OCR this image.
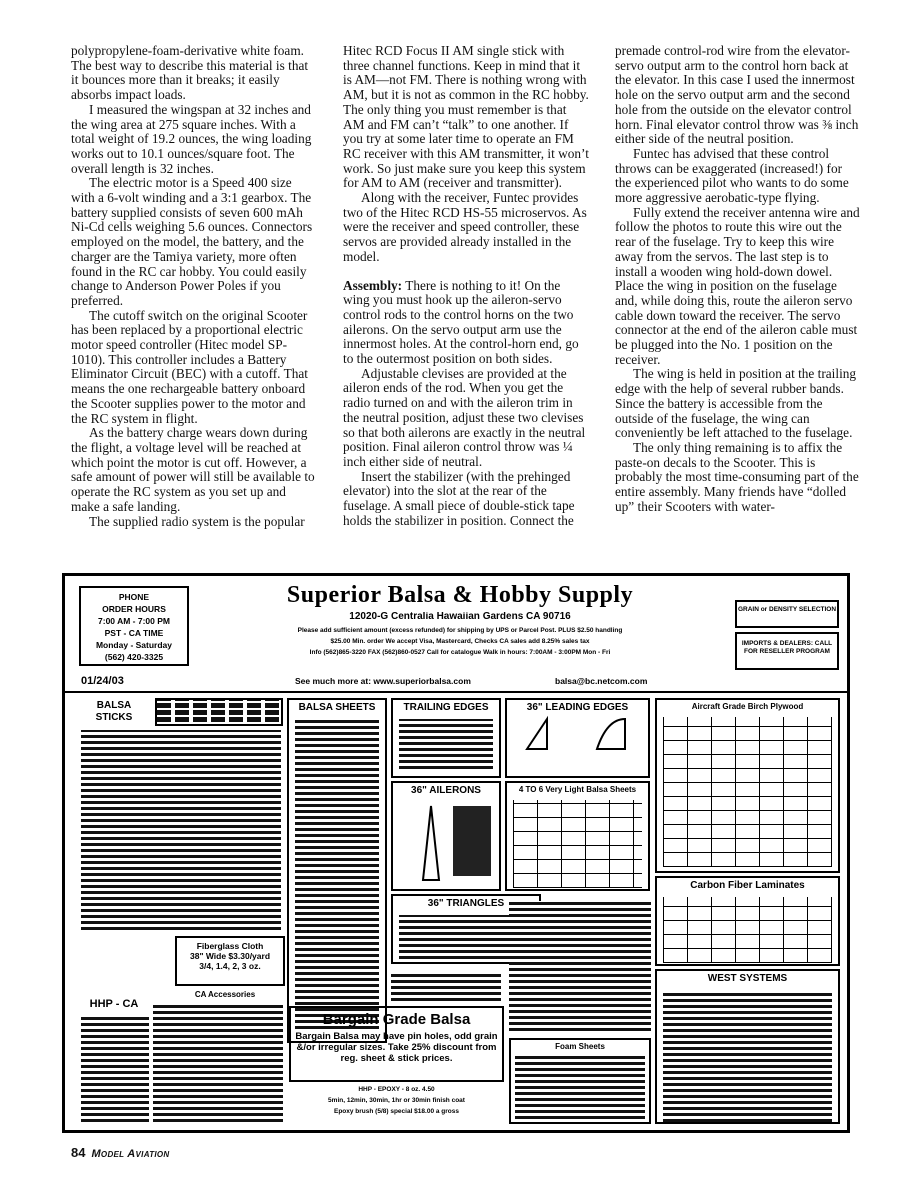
polypropylene-foam-derivative white foam. The best way to describe this material is that it bounces more than it breaks; it easily absorbs impact loads.

I measured the wingspan at 32 inches and the wing area at 275 square inches. With a total weight of 19.2 ounces, the wing loading works out to 10.1 ounces/square foot. The overall length is 32 inches.

The electric motor is a Speed 400 size with a 6-volt winding and a 3:1 gearbox. The battery supplied consists of seven 600 mAh Ni-Cd cells weighing 5.6 ounces. Connectors employed on the model, the battery, and the charger are the Tamiya variety, more often found in the RC car hobby. You could easily change to Anderson Power Poles if you preferred.

The cutoff switch on the original Scooter has been replaced by a proportional electric motor speed controller (Hitec model SP-1010). This controller includes a Battery Eliminator Circuit (BEC) with a cutoff. That means the one rechargeable battery onboard the Scooter supplies power to the motor and the RC system in flight.

As the battery charge wears down during the flight, a voltage level will be reached at which point the motor is cut off. However, a safe amount of power will still be available to operate the RC system as you set up and make a safe landing.

The supplied radio system is the popular

Hitec RCD Focus II AM single stick with three channel functions. Keep in mind that it is AM—not FM. There is nothing wrong with AM, but it is not as common in the RC hobby. The only thing you must remember is that AM and FM can’t “talk” to one another. If you try at some later time to operate an FM RC receiver with this AM transmitter, it won’t work. So just make sure you keep this system for AM to AM (receiver and transmitter).

Along with the receiver, Funtec provides two of the Hitec RCD HS-55 microservos. As were the receiver and speed controller, these servos are provided already installed in the model.

Assembly: There is nothing to it! On the wing you must hook up the aileron-servo control rods to the control horns on the two ailerons. On the servo output arm use the innermost holes. At the control-horn end, go to the outermost position on both sides.

Adjustable clevises are provided at the aileron ends of the rod. When you get the radio turned on and with the aileron trim in the neutral position, adjust these two clevises so that both ailerons are exactly in the neutral position. Final aileron control throw was ¼ inch either side of neutral.

Insert the stabilizer (with the prehinged elevator) into the slot at the rear of the fuselage. A small piece of double-stick tape holds the stabilizer in position. Connect the

premade control-rod wire from the elevator-servo output arm to the control horn back at the elevator. In this case I used the innermost hole on the servo output arm and the second hole from the outside on the elevator control horn. Final elevator control throw was ⅜ inch either side of the neutral position.

Funtec has advised that these control throws can be exaggerated (increased!) for the experienced pilot who wants to do some more aggressive aerobatic-type flying.

Fully extend the receiver antenna wire and follow the photos to route this wire out the rear of the fuselage. Try to keep this wire away from the servos. The last step is to install a wooden wing hold-down dowel. Place the wing in position on the fuselage and, while doing this, route the aileron servo cable down toward the receiver. The servo connector at the end of the aileron cable must be plugged into the No. 1 position on the receiver.

The wing is held in position at the trailing edge with the help of several rubber bands. Since the battery is accessible from the outside of the fuselage, the wing can conveniently be left attached to the fuselage.

The only thing remaining is to affix the paste-on decals to the Scooter. This is probably the most time-consuming part of the entire assembly. Many friends have “dolled up” their Scooters with water-

PHONE
ORDER HOURS
7:00 AM - 7:00 PM
PST - CA TIME
Monday - Saturday
(562) 420-3325
01/24/03
Superior Balsa & Hobby Supply
12020-G Centralia Hawaiian Gardens CA 90716
Please add sufficient amount (excess refunded) for shipping by UPS or Parcel Post. PLUS $2.50 handling
$25.00 Min. order We accept Visa, Mastercard, Checks CA sales add 8.25% sales tax
Info (562)865-3220 FAX (562)860-0527 Call for catalogue Walk in hours: 7:00AM - 3:00PM Mon - Fri
See much more at: www.superiorbalsa.com	balsa@bc.netcom.com
GRAIN or DENSITY SELECTION
IMPORTS & DEALERS: CALL FOR RESELLER PROGRAM
BALSA STICKS
BALSA SHEETS	TRAILING EDGES	36" LEADING EDGES
36" AILERONS	4 TO 6 Very Light Balsa Sheets
36" TRIANGLES
Aircraft Grade Birch Plywood
Carbon Fiber Laminates
WEST SYSTEMS
Fiberglass Cloth
38" Wide $3.30/yard
3/4, 1.4, 2, 3 oz.
CA Accessories
HHP - CA
Bargain Grade Balsa
Bargain Balsa may have pin holes, odd grain &/or irregular sizes. Take 25% discount from reg. sheet & stick prices.
HHP - EPOXY - 8 oz. 4.50
5min, 12min, 30min, 1hr or 30min finish coat
Epoxy brush (5/8) special $18.00 a gross
Foam Sheets
84 Model Aviation
